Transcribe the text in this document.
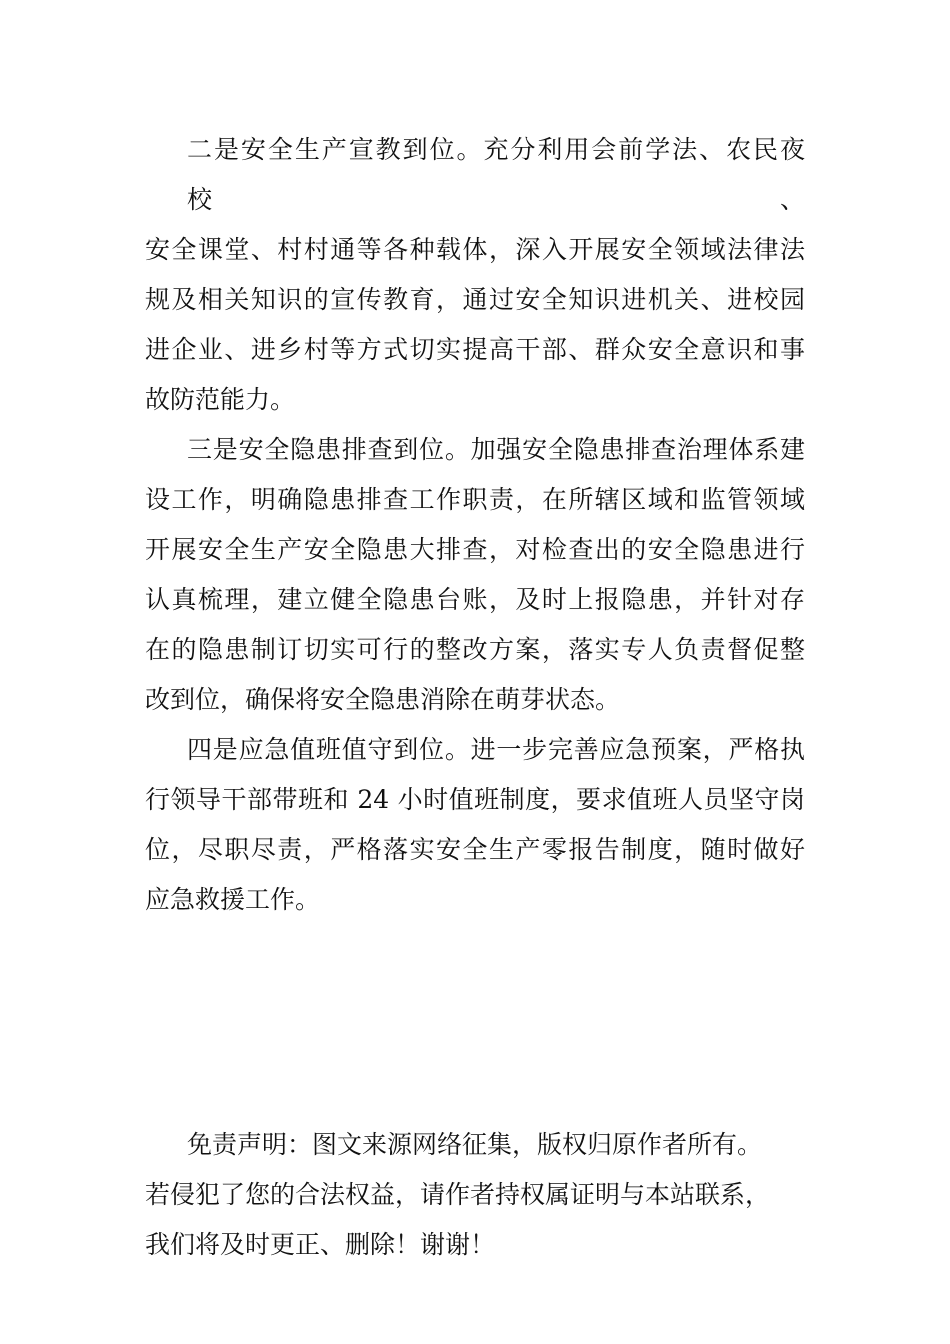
二是安全生产宣教到位。充分利用会前学法、农民夜校、
安全课堂、村村通等各种载体，深入开展安全领域法律法
规及相关知识的宣传教育，通过安全知识进机关、进校园
进企业、进乡村等方式切实提高干部、群众安全意识和事
故防范能力。
三是安全隐患排查到位。加强安全隐患排查治理体系建
设工作，明确隐患排查工作职责，在所辖区域和监管领域
开展安全生产安全隐患大排查，对检查出的安全隐患进行
认真梳理，建立健全隐患台账，及时上报隐患，并针对存
在的隐患制订切实可行的整改方案，落实专人负责督促整
改到位，确保将安全隐患消除在萌芽状态。
四是应急值班值守到位。进一步完善应急预案，严格执
行领导干部带班和 24 小时值班制度，要求值班人员坚守岗
位，尽职尽责，严格落实安全生产零报告制度，随时做好
应急救援工作。
免责声明：图文来源网络征集，版权归原作者所有。
若侵犯了您的合法权益，请作者持权属证明与本站联系，
我们将及时更正、删除！谢谢！
